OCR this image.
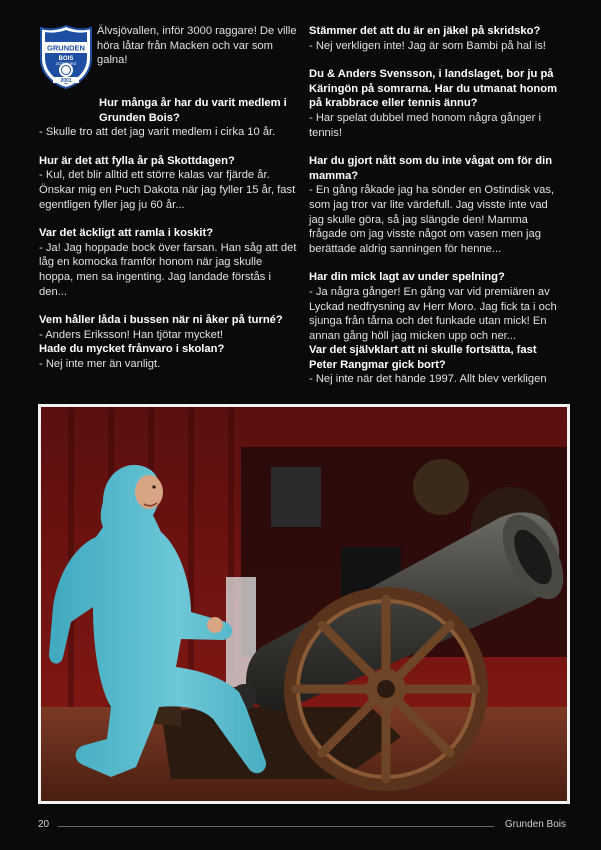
GRUNDEN
BOIS
GÖTEBORG
2001

Älvsjövallen, inför 3000 raggare! De ville höra låtar från Macken och var som galna!

Hur många år har du varit medlem i Grunden Bois?

- Skulle tro att det jag varit medlem i cirka 10 år.

Hur är det att fylla år på Skottdagen?

- Kul, det blir alltid ett större kalas var fjärde år. Önskar mig en Puch Dakota när jag fyller 15 år, fast egentligen fyller jag ju 60 år...

Var det äckligt att ramla i koskit?

- Ja! Jag hoppade bock över farsan. Han såg att det låg en komocka framför honom när jag skulle hoppa, men sa ingenting. Jag landade förstås i den...

Vem håller låda i bussen när ni åker på turné?

- Anders Eriksson! Han tjötar mycket!

Hade du mycket frånvaro i skolan?

- Nej inte mer än vanligt.

Stämmer det att du är en jäkel på skridsko?

- Nej verkligen inte! Jag är som Bambi på hal is!

Du & Anders Svensson, i landslaget, bor ju på Käringön på somrarna. Har du utmanat honom på krabbrace eller tennis ännu?

- Har spelat dubbel med honom några gånger i tennis!

Har du gjort nått som du inte vågat om för din mamma?

- En gång råkade jag ha sönder en Ostindisk vas, som jag tror var lite värdefull. Jag visste inte vad jag skulle göra, så jag slängde den! Mamma frågade om jag visste något om vasen men jag berättade aldrig sanningen för henne...

Har din mick lagt av under spelning?

- Ja några gånger! En gång var vid premiären av Lyckad nedfrysning av Herr Moro. Jag fick ta i och sjunga från tårna och det funkade utan mick! En annan gång höll jag micken upp och ner...

Var det självklart att ni skulle fortsätta, fast Peter Rangmar gick bort?

- Nej inte när det hände 1997. Allt blev verkligen

20	Grunden Bois
